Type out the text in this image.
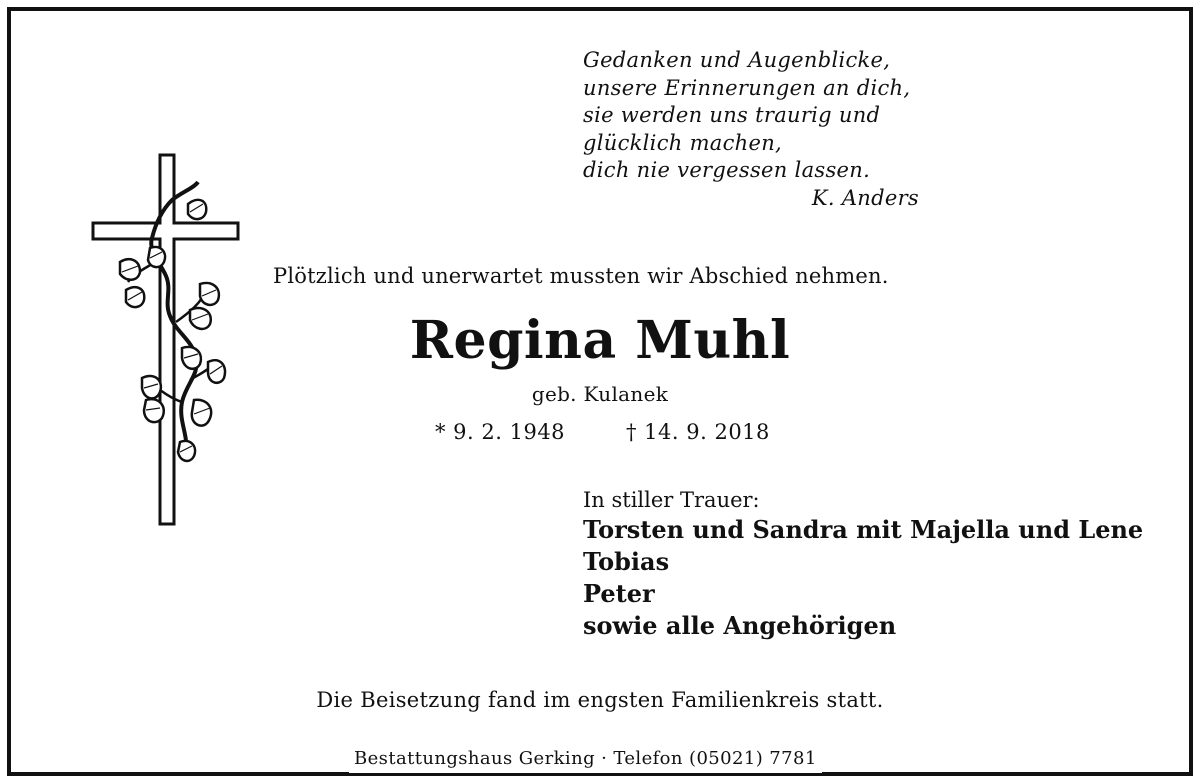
Gedanken und Augenblicke,
unsere Erinnerungen an dich,
sie werden uns traurig und
glücklich machen,
dich nie vergessen lassen.
K. Anders
Plötzlich und unerwartet mussten wir Abschied nehmen.
Regina Muhl
geb. Kulanek
* 9. 2. 1948	† 14. 9. 2018
In stiller Trauer:
Torsten und Sandra mit Majella und Lene
Tobias
Peter
sowie alle Angehörigen
Die Beisetzung fand im engsten Familienkreis statt.
Bestattungshaus Gerking · Telefon (05021) 7781
